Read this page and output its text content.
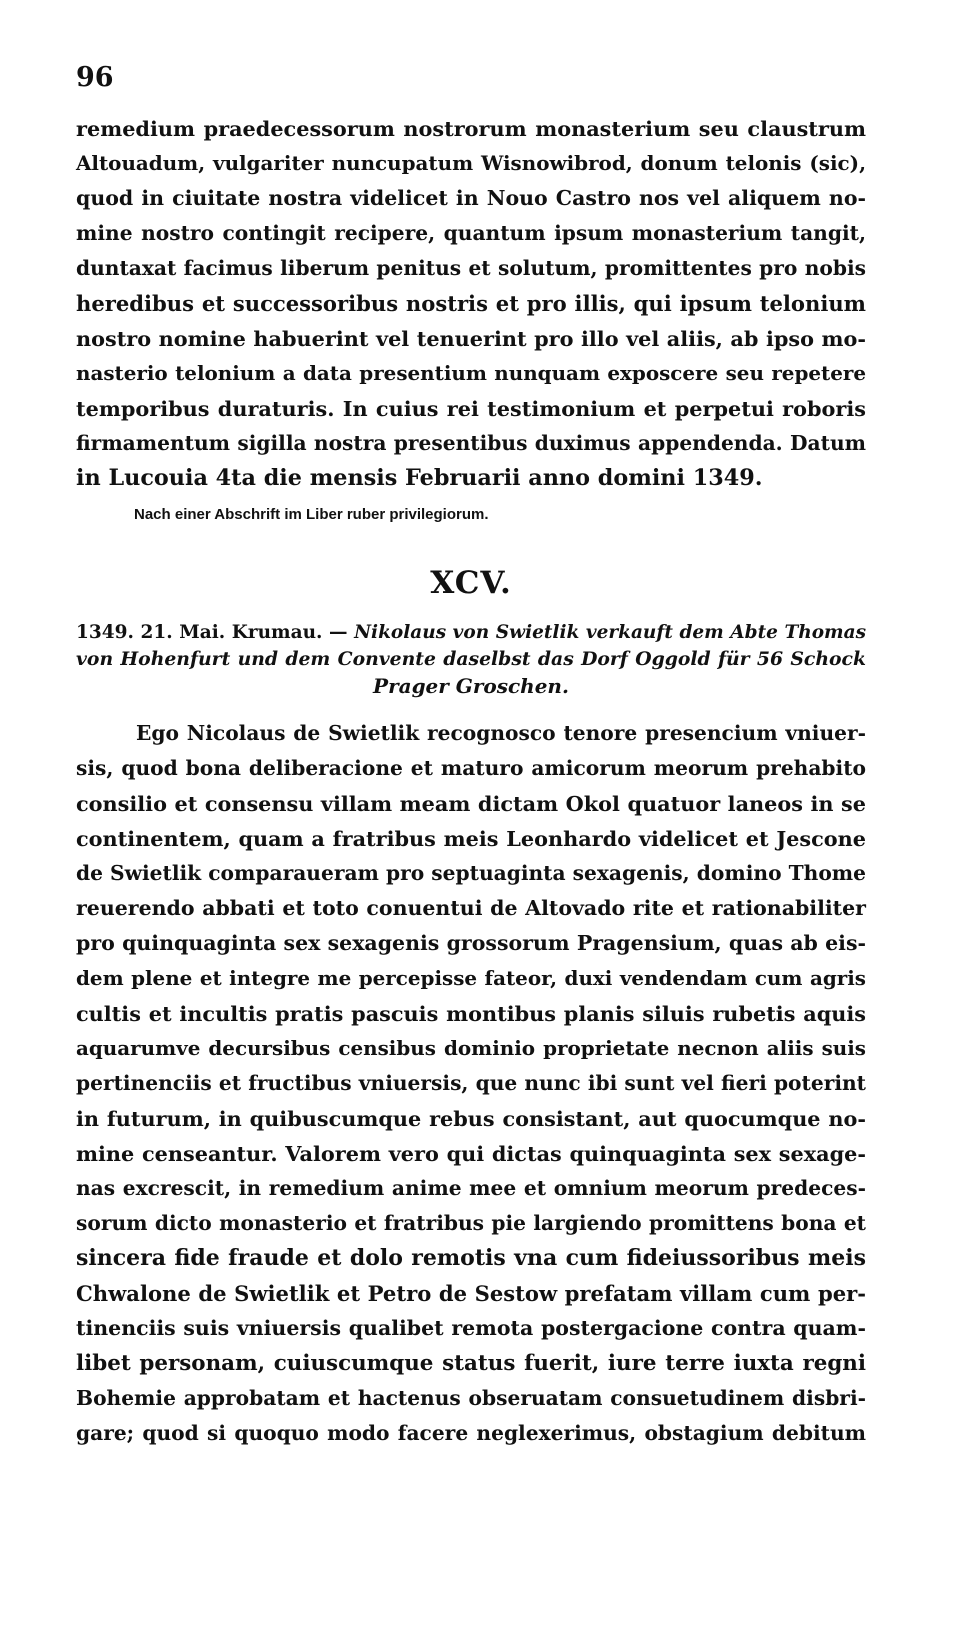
96
remedium praedecessorum nostrorum monasterium seu claustrum
Altouadum, vulgariter nuncupatum Wisnowibrod, donum telonis (sic),
quod in ciuitate nostra videlicet in Nouo Castro nos vel aliquem no-
mine nostro contingit recipere, quantum ipsum monasterium tangit,
duntaxat facimus liberum penitus et solutum, promittentes pro nobis
heredibus et successoribus nostris et pro illis, qui ipsum telonium
nostro nomine habuerint vel tenuerint pro illo vel aliis, ab ipso mo-
nasterio telonium a data presentium nunquam exposcere seu repetere
temporibus duraturis. In cuius rei testimonium et perpetui roboris
firmamentum sigilla nostra presentibus duximus appendenda. Datum
in Lucouia 4ta die mensis Februarii anno domini 1349.
Nach einer Abschrift im Liber ruber privilegiorum.
XCV.
1349. 21. Mai. Krumau. — Nikolaus von Swietlik verkauft dem Abte Thomas
von Hohenfurt und dem Convente daselbst das Dorf Oggold für 56 Schock
Prager Groschen.
Ego Nicolaus de Swietlik recognosco tenore presencium vniuer-
sis, quod bona deliberacione et maturo amicorum meorum prehabito
consilio et consensu villam meam dictam Okol quatuor laneos in se
continentem, quam a fratribus meis Leonhardo videlicet et Jescone
de Swietlik comparaueram pro septuaginta sexagenis, domino Thome
reuerendo abbati et toto conuentui de Altovado rite et rationabiliter
pro quinquaginta sex sexagenis grossorum Pragensium, quas ab eis-
dem plene et integre me percepisse fateor, duxi vendendam cum agris
cultis et incultis pratis pascuis montibus planis siluis rubetis aquis
aquarumve decursibus censibus dominio proprietate necnon aliis suis
pertinenciis et fructibus vniuersis, que nunc ibi sunt vel fieri poterint
in futurum, in quibuscumque rebus consistant, aut quocumque no-
mine censeantur. Valorem vero qui dictas quinquaginta sex sexage-
nas excrescit, in remedium anime mee et omnium meorum predeces-
sorum dicto monasterio et fratribus pie largiendo promittens bona et
sincera fide fraude et dolo remotis vna cum fideiussoribus meis
Chwalone de Swietlik et Petro de Sestow prefatam villam cum per-
tinenciis suis vniuersis qualibet remota postergacione contra quam-
libet personam, cuiuscumque status fuerit, iure terre iuxta regni
Bohemie approbatam et hactenus obseruatam consuetudinem disbri-
gare; quod si quoquo modo facere neglexerimus, obstagium debitum
